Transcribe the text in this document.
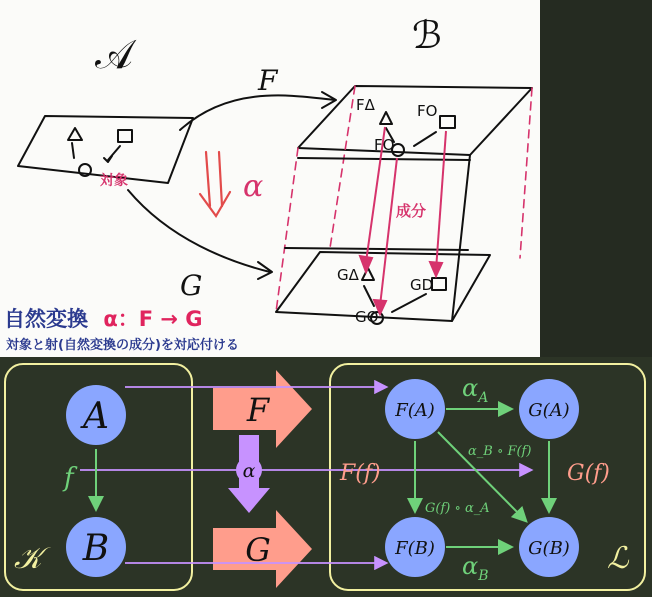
𝒜	ℬ
F
G
α
FΔ	FO
FO
GΔ
GD
GO
対象
成分
自然変換 α：F → G
対象と射(自然変換の成分)を対応付ける
𝒦	ℒ
A
B
f
F
G
α
F(A)	G(A)
F(B)	G(B)
F(f)	G(f)
$\alpha_A$
$\alpha_B$
α_B ∘ F(f)
G(f) ∘ α_A
